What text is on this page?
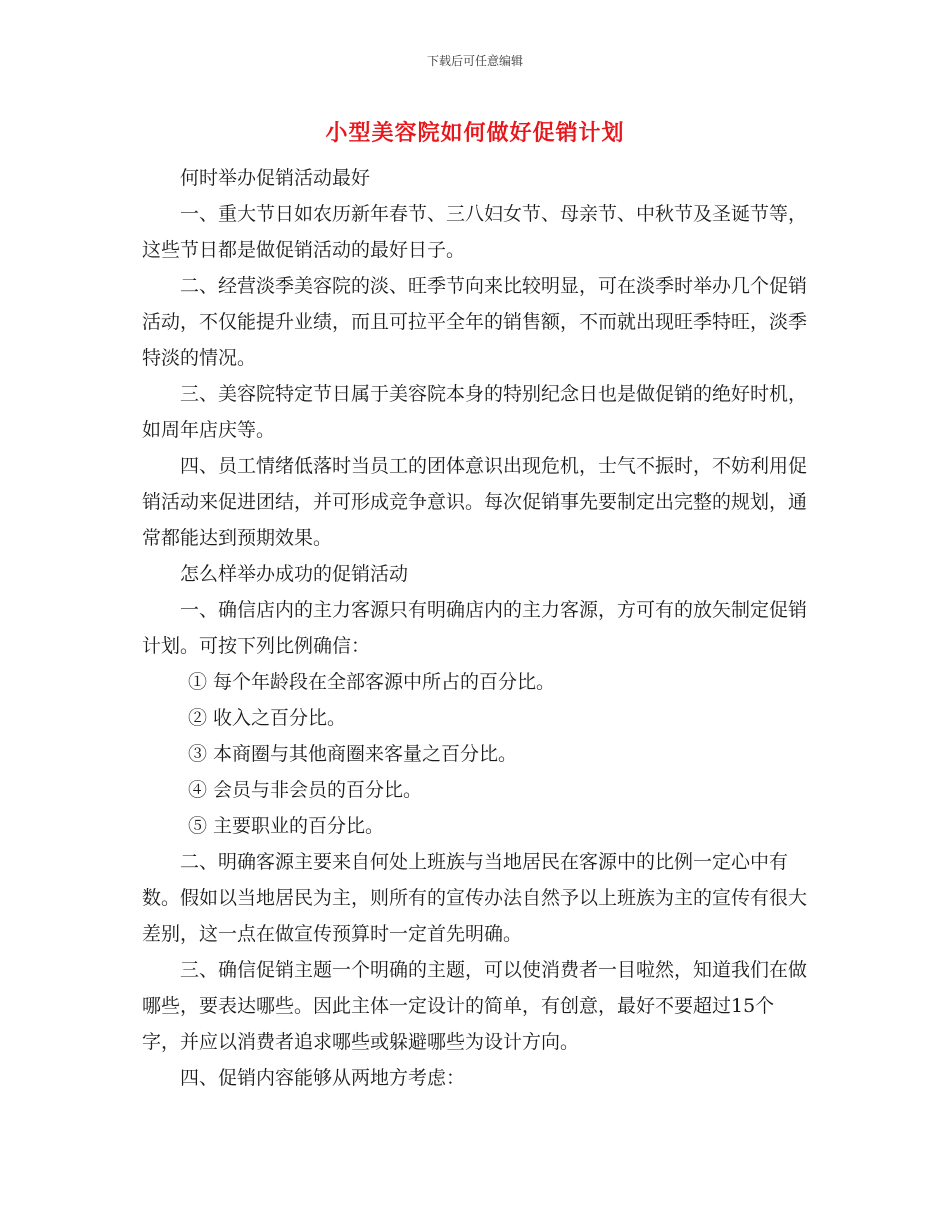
下载后可任意编辑
小型美容院如何做好促销计划

何时举办促销活动最好

一、重大节日如农历新年春节、三八妇女节、母亲节、中秋节及圣诞节等，这些节日都是做促销活动的最好日子。

二、经营淡季美容院的淡、旺季节向来比较明显，可在淡季时举办几个促销活动，不仅能提升业绩，而且可拉平全年的销售额，不而就出现旺季特旺，淡季特淡的情况。

三、美容院特定节日属于美容院本身的特别纪念日也是做促销的绝好时机，如周年店庆等。

四、员工情绪低落时当员工的团体意识出现危机，士气不振时，不妨利用促销活动来促进团结，并可形成竞争意识。每次促销事先要制定出完整的规划，通常都能达到预期效果。

怎么样举办成功的促销活动

一、确信店内的主力客源只有明确店内的主力客源，方可有的放矢制定促销计划。可按下列比例确信：

① 每个年龄段在全部客源中所占的百分比。

② 收入之百分比。

③ 本商圈与其他商圈来客量之百分比。

④ 会员与非会员的百分比。

⑤ 主要职业的百分比。

二、明确客源主要来自何处上班族与当地居民在客源中的比例一定心中有数。假如以当地居民为主，则所有的宣传办法自然予以上班族为主的宣传有很大差别，这一点在做宣传预算时一定首先明确。

三、确信促销主题一个明确的主题，可以使消费者一目啦然，知道我们在做哪些，要表达哪些。因此主体一定设计的简单，有创意，最好不要超过15个字，并应以消费者追求哪些或躲避哪些为设计方向。

四、促销内容能够从两地方考虑：
